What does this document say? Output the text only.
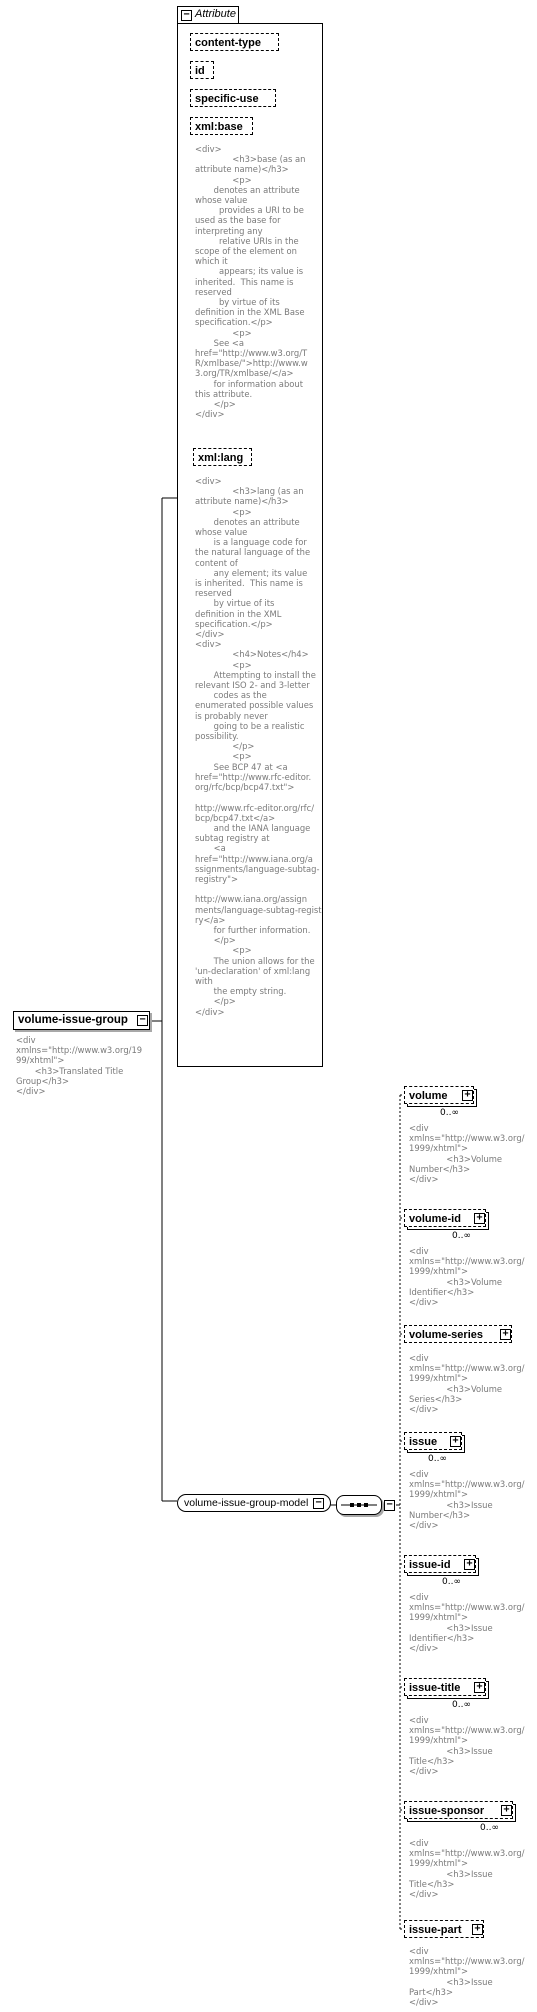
− Attribute
content-type
id
specific-use
xml:base
<div>
<h3>base (as an
attribute name)</h3>
<p>
denotes an attribute
whose value
provides a URI to be
used as the base for
interpreting any
relative URIs in the
scope of the element on
which it
appears; its value is
inherited.  This name is
reserved
by virtue of its
definition in the XML Base
specification.</p>
<p>
See <a
href="http://www.w3.org/T
R/xmlbase/">http://www.w
3.org/TR/xmlbase/</a>
for information about
this attribute.
</p>
</div>
xml:lang
<div>
<h3>lang (as an
attribute name)</h3>
<p>
denotes an attribute
whose value
is a language code for
the natural language of the
content of
any element; its value
is inherited.  This name is
reserved
by virtue of its
definition in the XML
specification.</p>
</div>
<div>
<h4>Notes</h4>
<p>
Attempting to install the
relevant ISO 2- and 3-letter
codes as the
enumerated possible values
is probably never
going to be a realistic
possibility.
</p>
<p>
See BCP 47 at <a
href="http://www.rfc-editor.
org/rfc/bcp/bcp47.txt">

http://www.rfc-editor.org/rfc/
bcp/bcp47.txt</a>
and the IANA language
subtag registry at
<a
href="http://www.iana.org/a
ssignments/language-subtag-
registry">

http://www.iana.org/assign
ments/language-subtag-regist
ry</a>
for further information.
</p>
<p>
The union allows for the
'un-declaration' of xml:lang
with
the empty string.
</p>
</div>
volume-issue-group −
<div
xmlns="http://www.w3.org/19
99/xhtml">
<h3>Translated Title
Group</h3>
</div>
volume-issue-group-model −	−
volume +
0..∞
<div
xmlns="http://www.w3.org/
1999/xhtml">
<h3>Volume
Number</h3>
</div>
volume-id +
0..∞
<div
xmlns="http://www.w3.org/
1999/xhtml">
<h3>Volume
Identifier</h3>
</div>
volume-series +
<div
xmlns="http://www.w3.org/
1999/xhtml">
<h3>Volume
Series</h3>
</div>
issue +
0..∞
<div
xmlns="http://www.w3.org/
1999/xhtml">
<h3>Issue
Number</h3>
</div>
issue-id +
0..∞
<div
xmlns="http://www.w3.org/
1999/xhtml">
<h3>Issue
Identifier</h3>
</div>
issue-title +
0..∞
<div
xmlns="http://www.w3.org/
1999/xhtml">
<h3>Issue
Title</h3>
</div>
issue-sponsor +
0..∞
<div
xmlns="http://www.w3.org/
1999/xhtml">
<h3>Issue
Title</h3>
</div>
issue-part +
<div
xmlns="http://www.w3.org/
1999/xhtml">
<h3>Issue
Part</h3>
</div>
